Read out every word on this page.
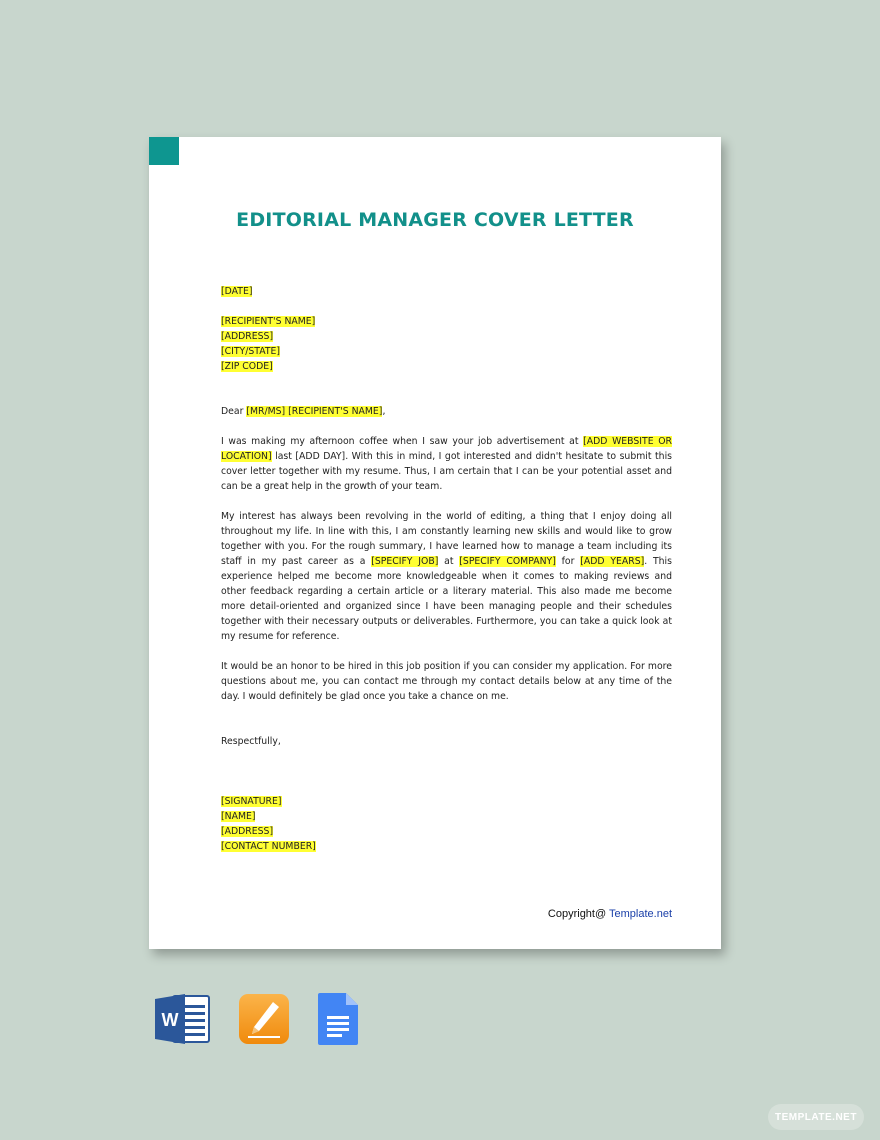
EDITORIAL MANAGER COVER LETTER
[DATE]
[RECIPIENT'S NAME]
[ADDRESS]
[CITY/STATE]
[ZIP CODE]

Dear [MR/MS] [RECIPIENT'S NAME],

I was making my afternoon coffee when I saw your job advertisement at [ADD WEBSITE OR LOCATION] last [ADD DAY]. With this in mind, I got interested and didn't hesitate to submit this cover letter together with my resume. Thus, I am certain that I can be your potential asset and can be a great help in the growth of your team.

My interest has always been revolving in the world of editing, a thing that I enjoy doing all throughout my life. In line with this, I am constantly learning new skills and would like to grow together with you. For the rough summary, I have learned how to manage a team including its staff in my past career as a [SPECIFY JOB] at [SPECIFY COMPANY] for [ADD YEARS]. This experience helped me become more knowledgeable when it comes to making reviews and other feedback regarding a certain article or a literary material. This also made me become more detail-oriented and organized since I have been managing people and their schedules together with their necessary outputs or deliverables. Furthermore, you can take a quick look at my resume for reference.

It would be an honor to be hired in this job position if you can consider my application. For more questions about me, you can contact me through my contact details below at any time of the day. I would definitely be glad once you take a chance on me.

Respectfully,

[SIGNATURE]
[NAME]
[ADDRESS]
[CONTACT NUMBER]
Copyright@ Template.net
W
TEMPLATE.NET
